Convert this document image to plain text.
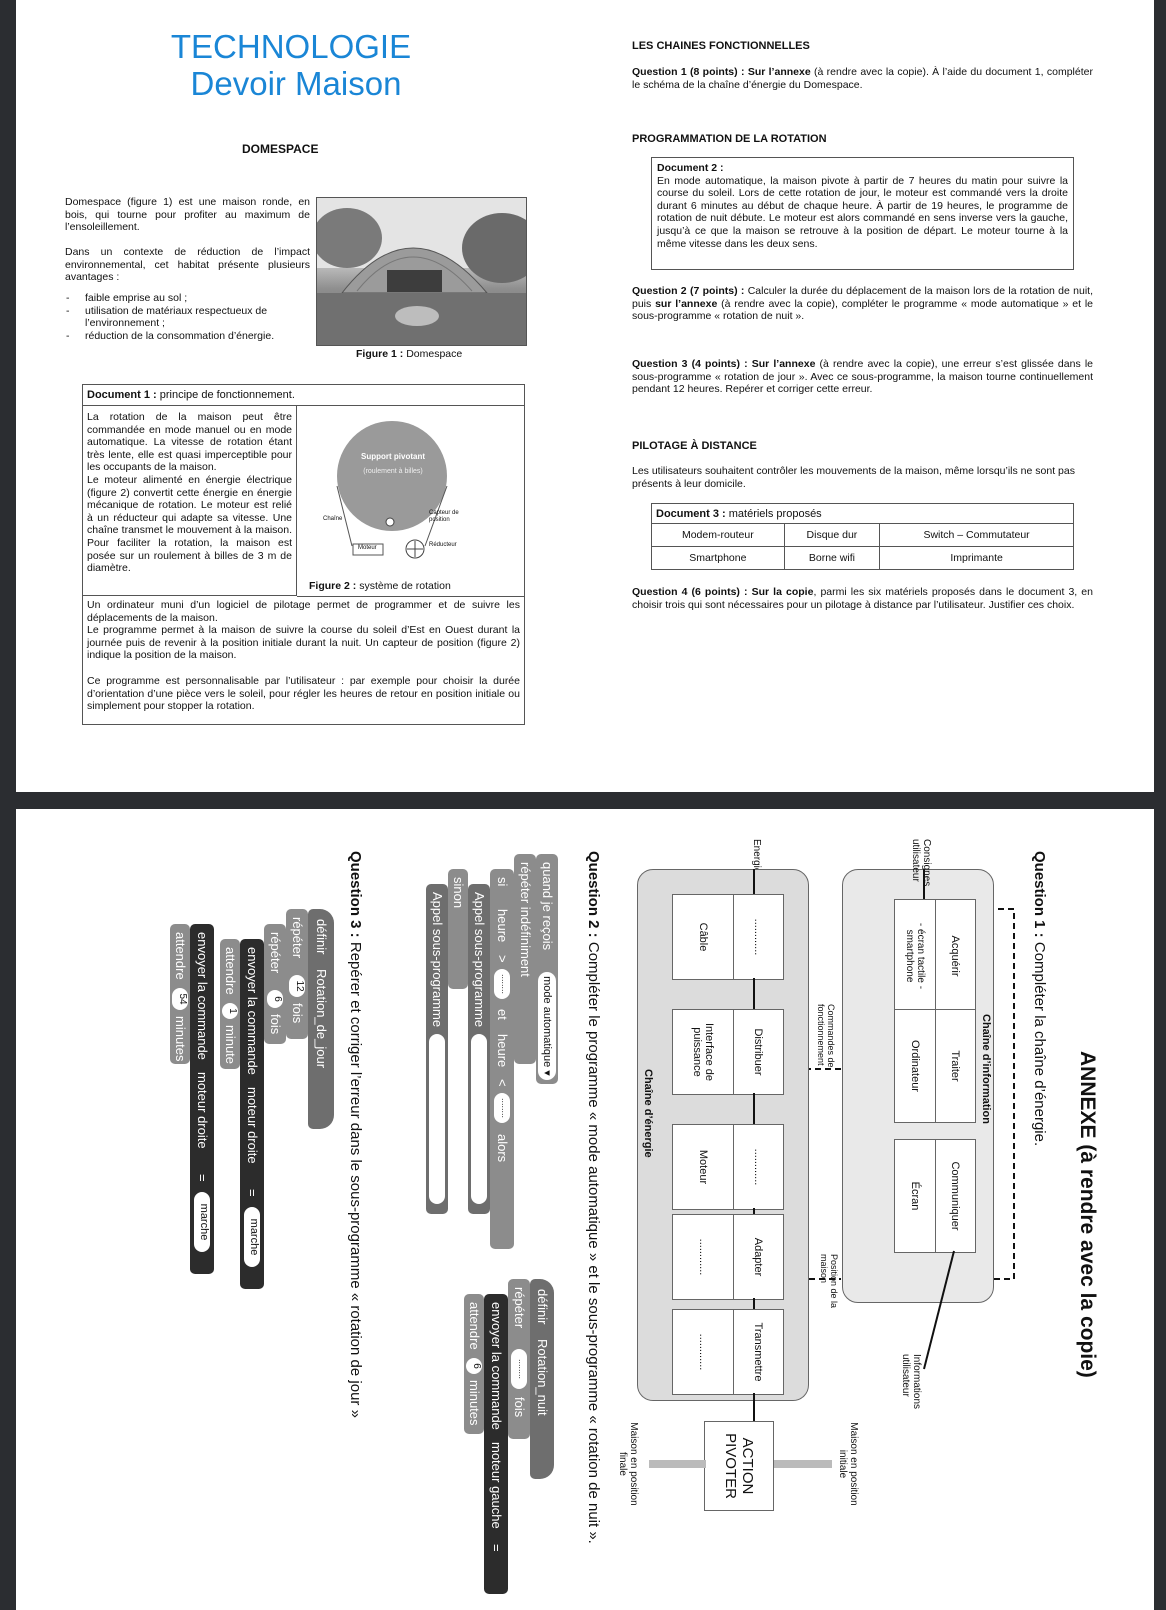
TECHNOLOGIE
Devoir Maison
DOMESPACE
Domespace (figure 1) est une maison ronde, en bois, qui tourne pour profiter au maximum de l’ensoleillement.
Dans un contexte de réduction de l’impact environnemental, cet habitat présente plusieurs avantages :
- faible emprise au sol ;
- utilisation de matériaux respectueux de l’environnement ;
- réduction de la consommation d’énergie.
Figure 1 : Domespace
Document 1 : principe de fonctionnement.
La rotation de la maison peut être commandée en mode manuel ou en mode automatique. La vitesse de rotation étant très lente, elle est quasi imperceptible pour les occupants de la maison.
Le moteur alimenté en énergie électrique (figure 2) convertit cette énergie en énergie mécanique de rotation. Le moteur est relié à un réducteur qui adapte sa vitesse. Une chaîne transmet le mouvement à la maison. Pour faciliter la rotation, la maison est posée sur un roulement à billes de 3 m de diamètre.
Support pivotant
(roulement à billes)
Chaîne
Capteur de position
Moteur	Réducteur
Figure 2 : système de rotation
Un ordinateur muni d’un logiciel de pilotage permet de programmer et de suivre les déplacements de la maison.
Le programme permet à la maison de suivre la course du soleil d’Est en Ouest durant la journée puis de revenir à la position initiale durant la nuit. Un capteur de position (figure 2) indique la position de la maison.
Ce programme est personnalisable par l’utilisateur : par exemple pour choisir la durée d’orientation d’une pièce vers le soleil, pour régler les heures de retour en position initiale ou simplement pour stopper la rotation.
LES CHAINES FONCTIONNELLES
Question 1 (8 points) : Sur l’annexe (à rendre avec la copie). À l’aide du document 1, compléter le schéma de la chaîne d’énergie du Domespace.
PROGRAMMATION DE LA ROTATION
Document 2 :
En mode automatique, la maison pivote à partir de 7 heures du matin pour suivre la course du soleil. Lors de cette rotation de jour, le moteur est commandé vers la droite durant 6 minutes au début de chaque heure. À partir de 19 heures, le programme de rotation de nuit débute. Le moteur est alors commandé en sens inverse vers la gauche, jusqu’à ce que la maison se retrouve à la position de départ. Le moteur tourne à la même vitesse dans les deux sens.
Question 2 (7 points) : Calculer la durée du déplacement de la maison lors de la rotation de nuit, puis sur l’annexe (à rendre avec la copie), compléter le programme « mode automatique » et le sous-programme « rotation de nuit ».
Question 3 (4 points) : Sur l’annexe (à rendre avec la copie), une erreur s’est glissée dans le sous-programme « rotation de jour ». Avec ce sous-programme, la maison tourne continuellement pendant 12 heures. Repérer et corriger cette erreur.
PILOTAGE À DISTANCE
Les utilisateurs souhaitent contrôler les mouvements de la maison, même lorsqu’ils ne sont pas présents à leur domicile.
Document 3 : matériels proposés
Modem-routeur	Disque dur	Switch – Commutateur
Smartphone	Borne wifi	Imprimante
Question 4 (6 points) : Sur la copie, parmi les six matériels proposés dans le document 3, en choisir trois qui sont nécessaires pour un pilotage à distance par l’utilisateur. Justifier ces choix.
ANNEXE (à rendre avec la copie)
Question 1 : Compléter la chaîne d’énergie.
Chaîne d’information
Acquérir
Traiter
Communiquer
- écran tactile - smartphone
Ordinateur
Écran
Consignes utilisateur
Informations utilisateur
Commandes de fonctionnement
Position de la maison
Chaîne d’énergie
............
Distribuer
............
Adapter
Transmettre
Câble
Interface de puissance
Moteur
............
............
ACTION PIVOTER	Maison en position initiale
Maison en position finale
Question 2 : Compléter le programme « mode automatique » et le sous-programme « rotation de nuit ».
Question 3 : Repérer et corriger l’erreur dans le sous-programme « rotation de jour »
quand je reçois
mode automatique ▾
répéter indéfiniment
si
heure
>
........
et
heure
<
........
alors
Appel sous-programme
sinon
Appel sous-programme
définir
Rotation_nuit
répéter
........
fois
envoyer la commande
moteur gauche
=
attendre
6
minutes
définir
Rotation_de_jour
répéter
12
fois
répéter
6
fois
envoyer la commande
moteur droite
=
marche
attendre
1
minute
envoyer la commande
moteur droite
=
marche
attendre
54
minutes
